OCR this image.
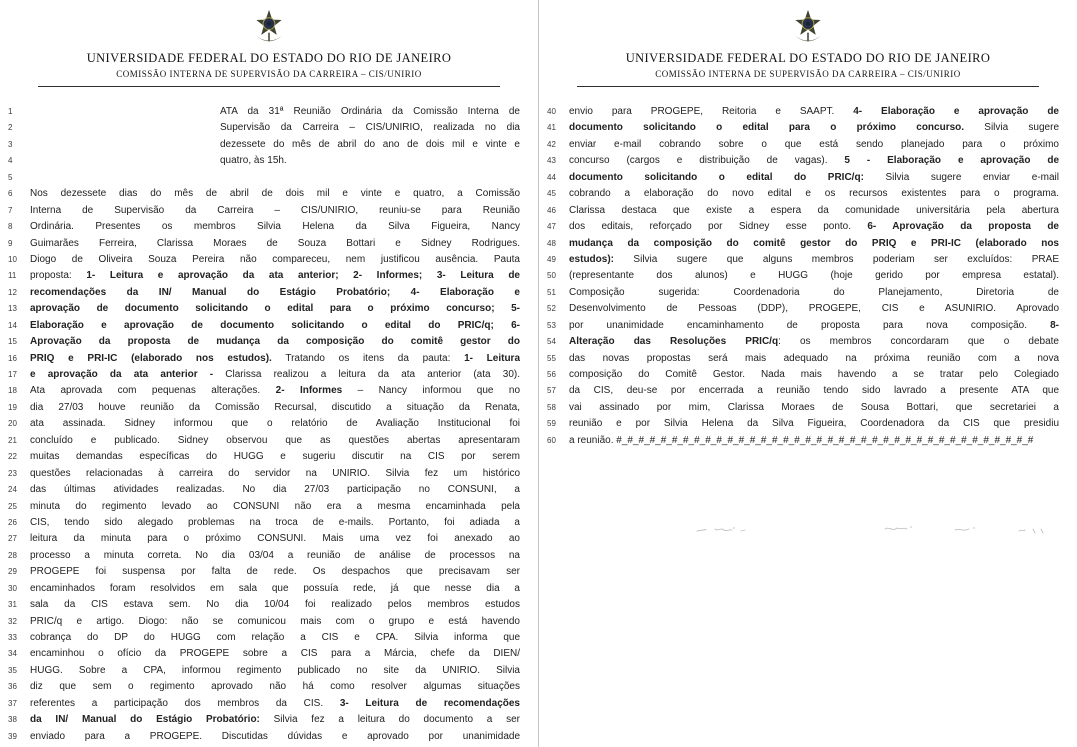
UNIVERSIDADE FEDERAL DO ESTADO DO RIO DE JANEIRO
COMISSÃO INTERNA DE SUPERVISÃO DA CARREIRA – CIS/UNIRIO
1	ATA da 31ª Reunião Ordinária da Comissão Interna de
2	Supervisão da Carreira – CIS/UNIRIO, realizada no dia
3	dezessete do mês de abril do ano de dois mil e vinte e
4	quatro, às 15h.
5
6	Nos dezessete dias do mês de abril de dois mil e vinte e quatro, a Comissão
7	Interna de Supervisão da Carreira – CIS/UNIRIO, reuniu-se para Reunião
8	Ordinária. Presentes os membros Silvia Helena da Silva Figueira, Nancy
9	Guimarães Ferreira, Clarissa Moraes de Souza Bottari e Sidney Rodrigues.
10	Diogo de Oliveira Souza Pereira não compareceu, nem justificou ausência. Pauta
11	proposta: 1- Leitura e aprovação da ata anterior; 2- Informes; 3- Leitura de
12	recomendações da IN/ Manual do Estágio Probatório; 4- Elaboração e
13	aprovação de documento solicitando o edital para o próximo concurso; 5-
14	Elaboração e aprovação de documento solicitando o edital do PRIC/q; 6-
15	Aprovação da proposta de mudança da composição do comitê gestor do
16	PRIQ e PRI-IC (elaborado nos estudos). Tratando os itens da pauta: 1- Leitura
17	e aprovação da ata anterior - Clarissa realizou a leitura da ata anterior (ata 30).
18	Ata aprovada com pequenas alterações. 2- Informes – Nancy informou que no
19	dia 27/03 houve reunião da Comissão Recursal, discutido a situação da Renata,
20	ata assinada. Sidney informou que o relatório de Avaliação Institucional foi
21	concluído e publicado. Sidney observou que as questões abertas apresentaram
22	muitas demandas específicas do HUGG e sugeriu discutir na CIS por serem
23	questões relacionadas à carreira do servidor na UNIRIO. Silvia fez um histórico
24	das últimas atividades realizadas. No dia 27/03 participação no CONSUNI, a
25	minuta do regimento levado ao CONSUNI não era a mesma encaminhada pela
26	CIS, tendo sido alegado problemas na troca de e-mails. Portanto, foi adiada a
27	leitura da minuta para o próximo CONSUNI. Mais uma vez foi anexado ao
28	processo a minuta correta. No dia 03/04 a reunião de análise de processos na
29	PROGEPE foi suspensa por falta de rede. Os despachos que precisavam ser
30	encaminhados foram resolvidos em sala que possuía rede, já que nesse dia a
31	sala da CIS estava sem. No dia 10/04 foi realizado pelos membros estudos
32	PRIC/q e artigo. Diogo: não se comunicou mais com o grupo e está havendo
33	cobrança do DP do HUGG com relação a CIS e CPA. Silvia informa que
34	encaminhou o ofício da PROGEPE sobre a CIS para a Márcia, chefe da DIEN/
35	HUGG. Sobre a CPA, informou regimento publicado no site da UNIRIO. Silvia
36	diz que sem o regimento aprovado não há como resolver algumas situações
37	referentes a participação dos membros da CIS. 3- Leitura de recomendações
38	da IN/ Manual do Estágio Probatório: Silvia fez a leitura do documento a ser
39	enviado para a PROGEPE. Discutidas dúvidas e aprovado por unanimidade
UNIVERSIDADE FEDERAL DO ESTADO DO RIO DE JANEIRO
COMISSÃO INTERNA DE SUPERVISÃO DA CARREIRA – CIS/UNIRIO
40	envio para PROGEPE, Reitoria e SAAPT. 4- Elaboração e aprovação de
41	documento solicitando o edital para o próximo concurso. Silvia sugere
42	enviar e-mail cobrando sobre o que está sendo planejado para o próximo
43	concurso (cargos e distribuição de vagas). 5 - Elaboração e aprovação de
44	documento solicitando o edital do PRIC/q: Silvia sugere enviar e-mail
45	cobrando a elaboração do novo edital e os recursos existentes para o programa.
46	Clarissa destaca que existe a espera da comunidade universitária pela abertura
47	dos editais, reforçado por Sidney esse ponto. 6- Aprovação da proposta de
48	mudança da composição do comitê gestor do PRIQ e PRI-IC (elaborado nos
49	estudos): Silvia sugere que alguns membros poderiam ser excluídos: PRAE
50	(representante dos alunos) e HUGG (hoje gerido por empresa estatal).
51	Composição sugerida: Coordenadoria do Planejamento, Diretoria de
52	Desenvolvimento de Pessoas (DDP), PROGEPE, CIS e ASUNIRIO. Aprovado
53	por unanimidade encaminhamento de proposta para nova composição. 8-
54	Alteração das Resoluções PRIC/q: os membros concordaram que o debate
55	das novas propostas será mais adequado na próxima reunião com a nova
56	composição do Comitê Gestor. Nada mais havendo a se tratar pelo Colegiado
57	da CIS, deu-se por encerrada a reunião tendo sido lavrado a presente ATA que
58	vai assinado por mim, Clarissa Moraes de Sousa Bottari, que secretariei a
59	reunião e por Silvia Helena da Silva Figueira, Coordenadora da CIS que presidiu
60	a reunião. #_#_#_#_#_#_#_#_#_#_#_#_#_#_#_#_#_#_#_#_#_#_#_#_#_#_#_#_#_#_#_#_#_#_#_#_#_#
